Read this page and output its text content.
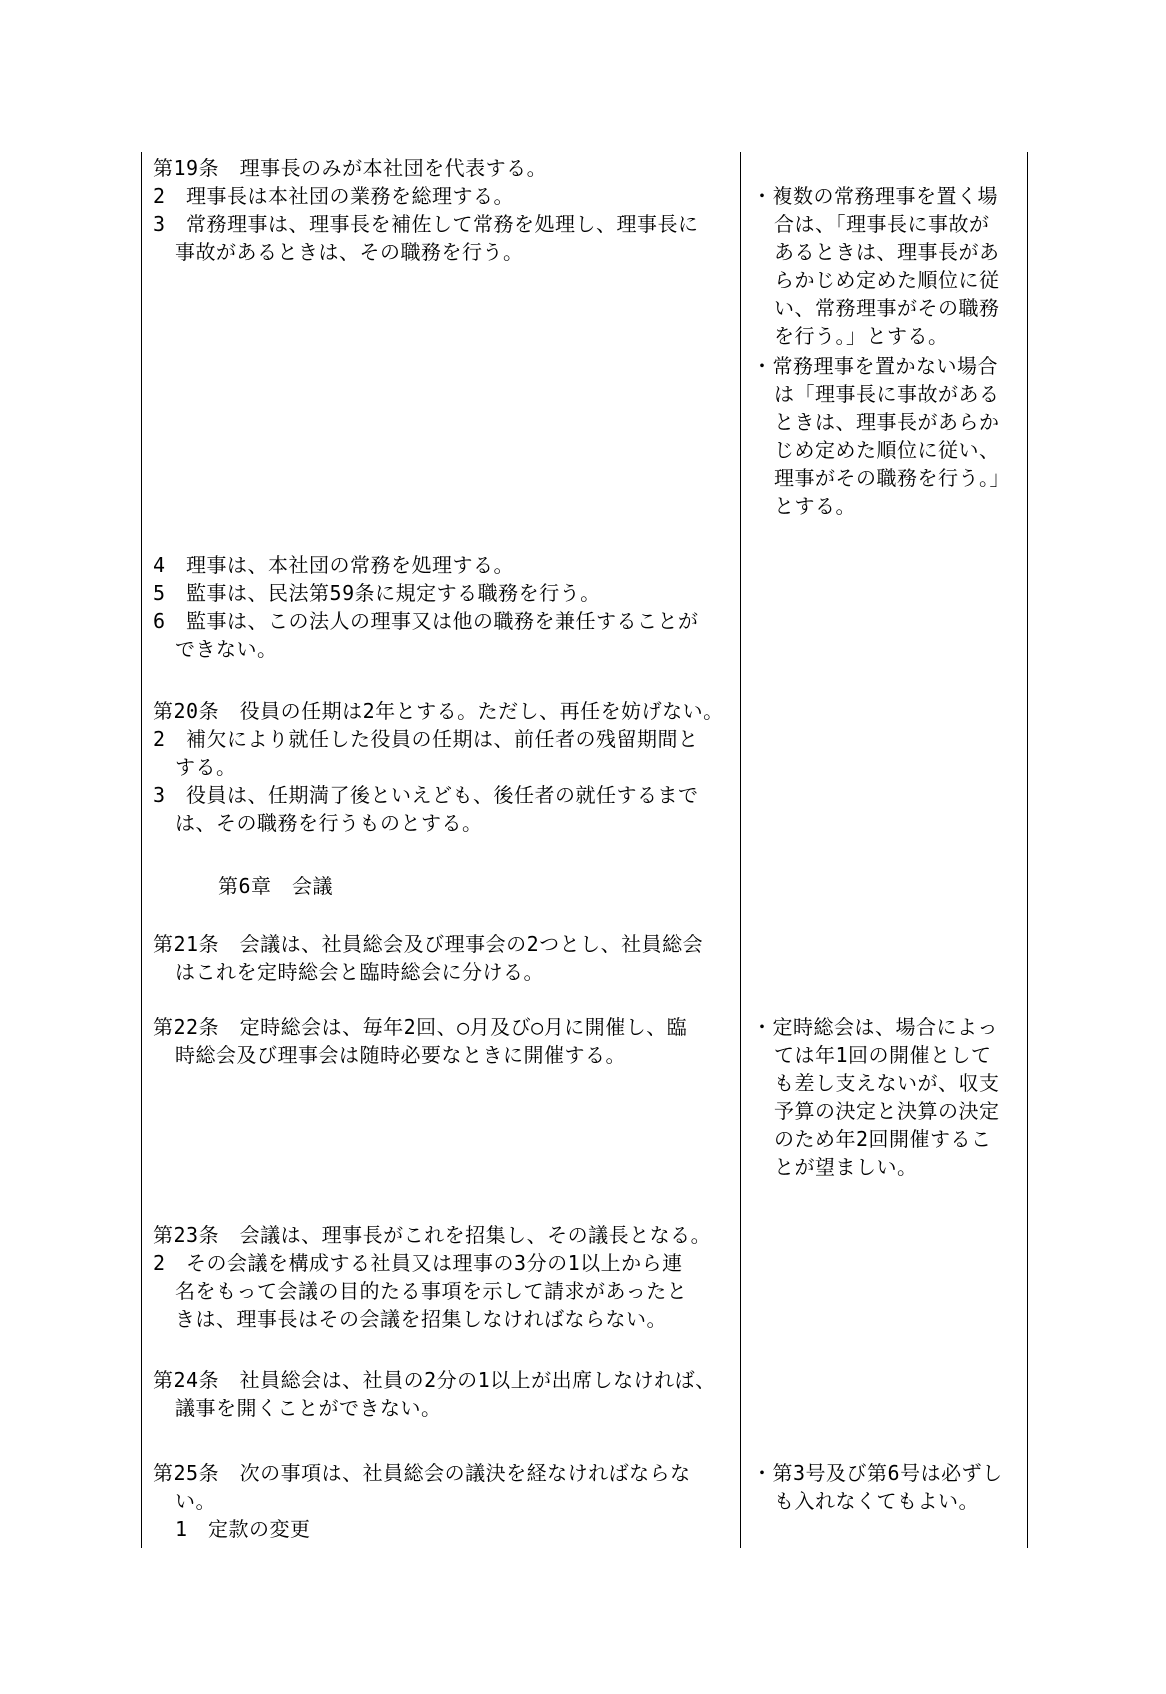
第19条　理事長のみが本社団を代表する。
2　理事長は本社団の業務を総理する。
3　常務理事は、理事長を補佐して常務を処理し、理事長に
事故があるときは、その職務を行う。
4　理事は、本社団の常務を処理する。
5　監事は、民法第59条に規定する職務を行う。
6　監事は、この法人の理事又は他の職務を兼任することが
できない。
第20条　役員の任期は2年とする。ただし、再任を妨げない。
2　補欠により就任した役員の任期は、前任者の残留期間と
する。
3　役員は、任期満了後といえども、後任者の就任するまで
は、その職務を行うものとする。
第6章　会議
第21条　会議は、社員総会及び理事会の2つとし、社員総会
はこれを定時総会と臨時総会に分ける。
第22条　定時総会は、毎年2回、○月及び○月に開催し、臨
時総会及び理事会は随時必要なときに開催する。
第23条　会議は、理事長がこれを招集し、その議長となる。
2　その会議を構成する社員又は理事の3分の1以上から連
名をもって会議の目的たる事項を示して請求があったと
きは、理事長はその会議を招集しなければならない。
第24条　社員総会は、社員の2分の1以上が出席しなければ、
議事を開くことができない。
第25条　次の事項は、社員総会の議決を経なければならな
い。
1　定款の変更
・複数の常務理事を置く場
合は、「理事長に事故が
あるときは、理事長があ
らかじめ定めた順位に従
い、常務理事がその職務
を行う。」とする。
・常務理事を置かない場合
は「理事長に事故がある
ときは、理事長があらか
じめ定めた順位に従い、
理事がその職務を行う。」
とする。
・定時総会は、場合によっ
ては年1回の開催として
も差し支えないが、収支
予算の決定と決算の決定
のため年2回開催するこ
とが望ましい。
・第3号及び第6号は必ずし
も入れなくてもよい。
